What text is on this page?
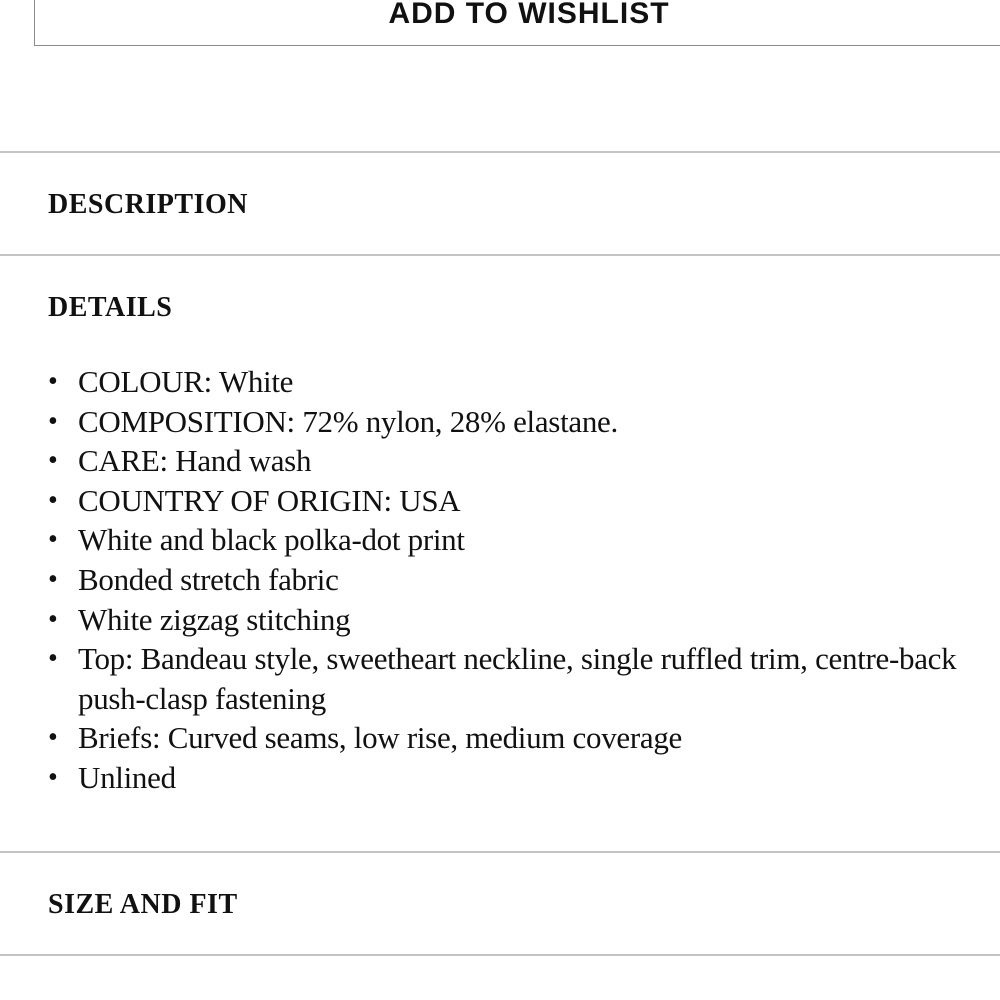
ADD TO WISHLIST
DESCRIPTION
DETAILS
• COLOUR: White
• COMPOSITION: 72% nylon, 28% elastane.
• CARE: Hand wash
• COUNTRY OF ORIGIN: USA
• White and black polka-dot print
• Bonded stretch fabric
• White zigzag stitching
• Top: Bandeau style, sweetheart neckline, single ruffled trim, centre-back push-clasp fastening
• Briefs: Curved seams, low rise, medium coverage
• Unlined
SIZE AND FIT
